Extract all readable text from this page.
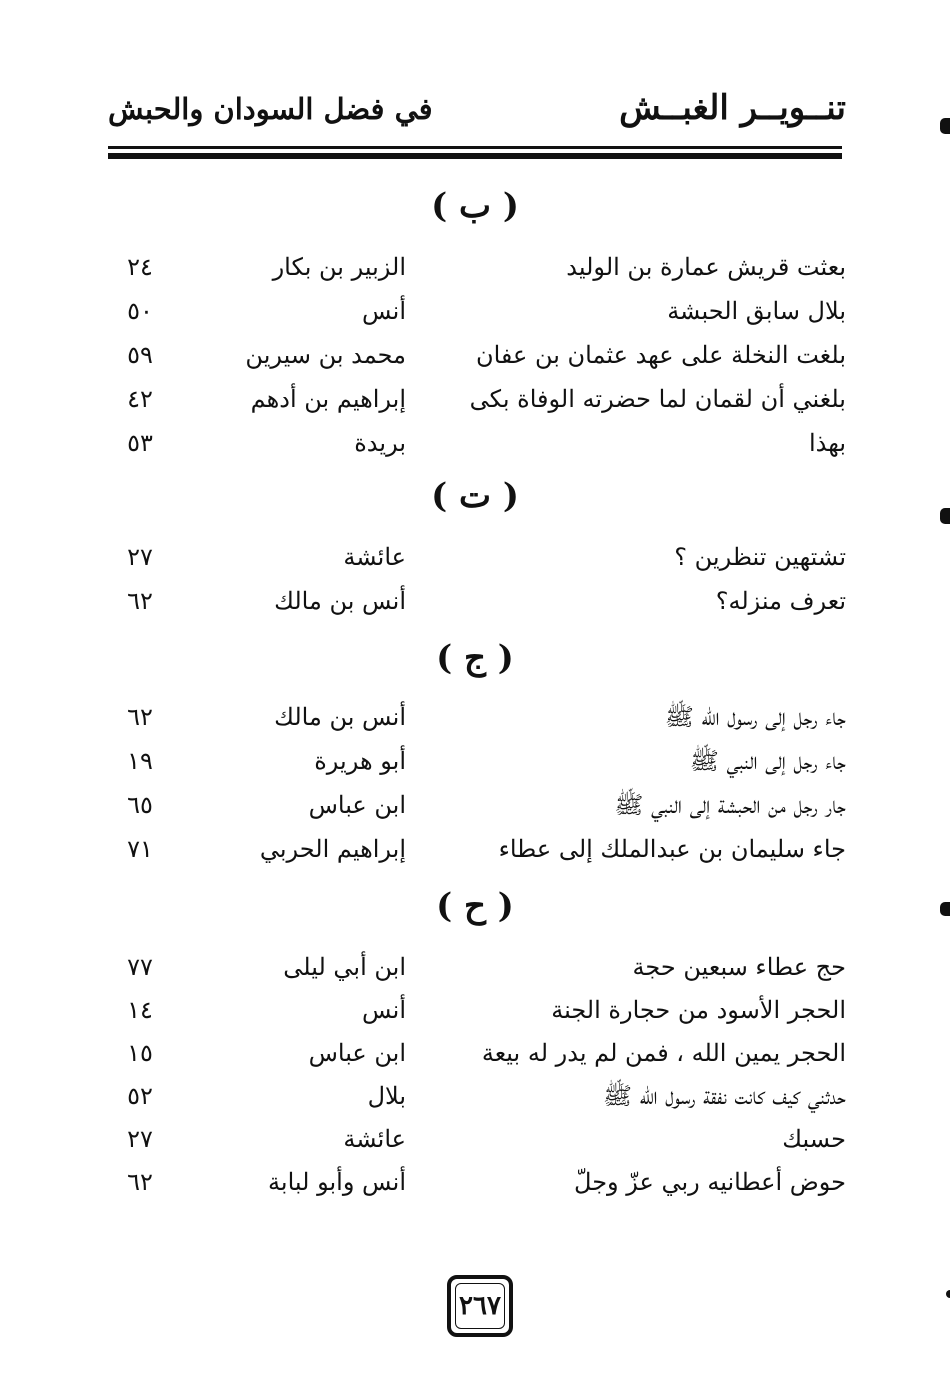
تنــويــر الغبــش
في فضل السودان والحبش
( ب )
بعثت قريش عمارة بن الوليد
الزبير بن بكار
٢٤
بلال سابق الحبشة
أنس
٥٠
بلغت النخلة على عهد عثمان بن عفان
محمد بن سيرين
٥٩
بلغني أن لقمان لما حضرته الوفاة بكى
إبراهيم بن أدهم
٤٢
بهذا
بريدة
٥٣
( ت )
تشتهين تنظرين ؟
عائشة
٢٧
تعرف منزله؟
أنس بن مالك
٦٢
( ج )
جاء رجل إلى رسول الله ﷺ
أنس بن مالك
٦٢
جاء رجل إلى النبي ﷺ
أبو هريرة
١٩
جار رجل من الحبشة إلى النبي ﷺ
ابن عباس
٦٥
جاء سليمان بن عبدالملك إلى عطاء
إبراهيم الحربي
٧١
( ح )
حج عطاء سبعين حجة
ابن أبي ليلى
٧٧
الحجر الأسود من حجارة الجنة
أنس
١٤
الحجر يمين الله ، فمن لم يدر له بيعة
ابن عباس
١٥
حدثني كيف كانت نفقة رسول الله ﷺ
بلال
٥٢
حسبك
عائشة
٢٧
حوض أعطانيه ربي عزّ وجلّ
أنس وأبو لبابة
٦٢
٢٦٧
